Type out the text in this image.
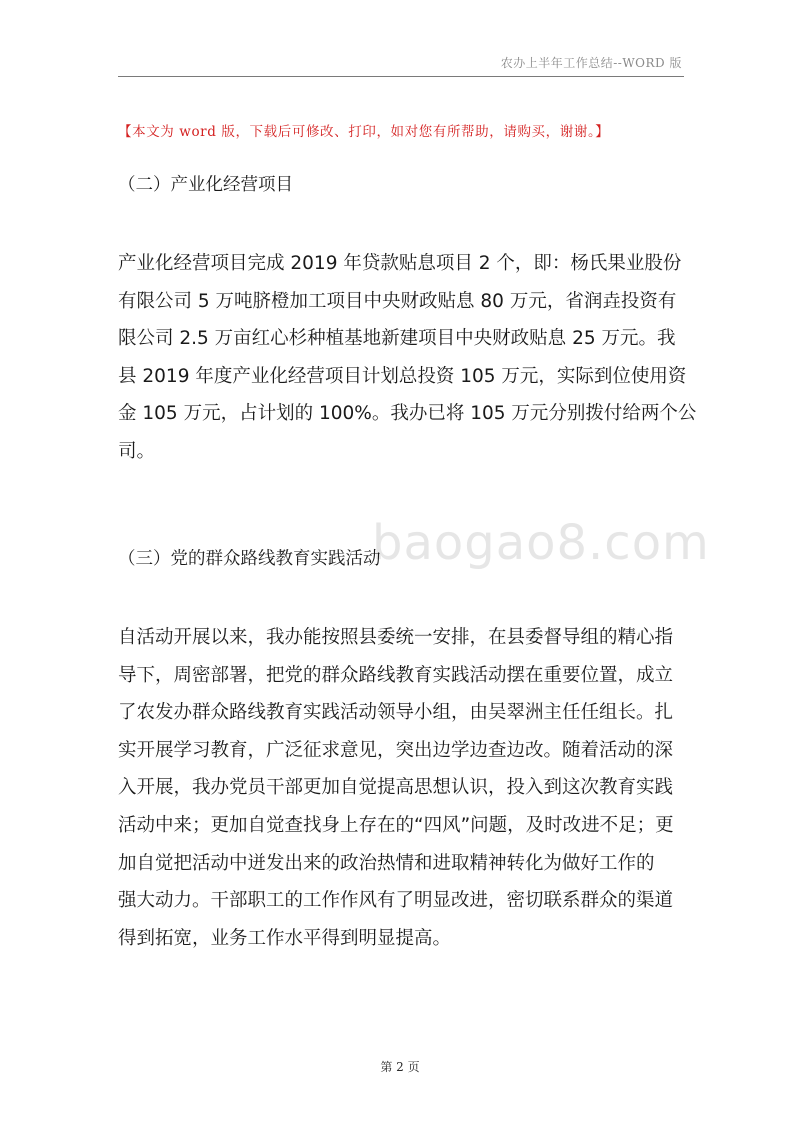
农办上半年工作总结--WORD 版
【本文为 word 版，下载后可修改、打印，如对您有所帮助，请购买，谢谢。】
（二）产业化经营项目
产业化经营项目完成 2019 年贷款贴息项目 2 个，即：杨氏果业股份
有限公司 5 万吨脐橙加工项目中央财政贴息 80 万元，省润垚投资有
限公司 2.5 万亩红心杉种植基地新建项目中央财政贴息 25 万元。我
县 2019 年度产业化经营项目计划总投资 105 万元，实际到位使用资
金 105 万元，占计划的 100%。我办已将 105 万元分别拨付给两个公
司。
baogao8.com
（三）党的群众路线教育实践活动
自活动开展以来，我办能按照县委统一安排，在县委督导组的精心指
导下，周密部署，把党的群众路线教育实践活动摆在重要位置，成立
了农发办群众路线教育实践活动领导小组，由吴翠洲主任任组长。扎
实开展学习教育，广泛征求意见，突出边学边查边改。随着活动的深
入开展，我办党员干部更加自觉提高思想认识，投入到这次教育实践
活动中来；更加自觉查找身上存在的“四风”问题，及时改进不足；更
加自觉把活动中迸发出来的政治热情和进取精神转化为做好工作的
强大动力。干部职工的工作作风有了明显改进，密切联系群众的渠道
得到拓宽，业务工作水平得到明显提高。
第 2 页
